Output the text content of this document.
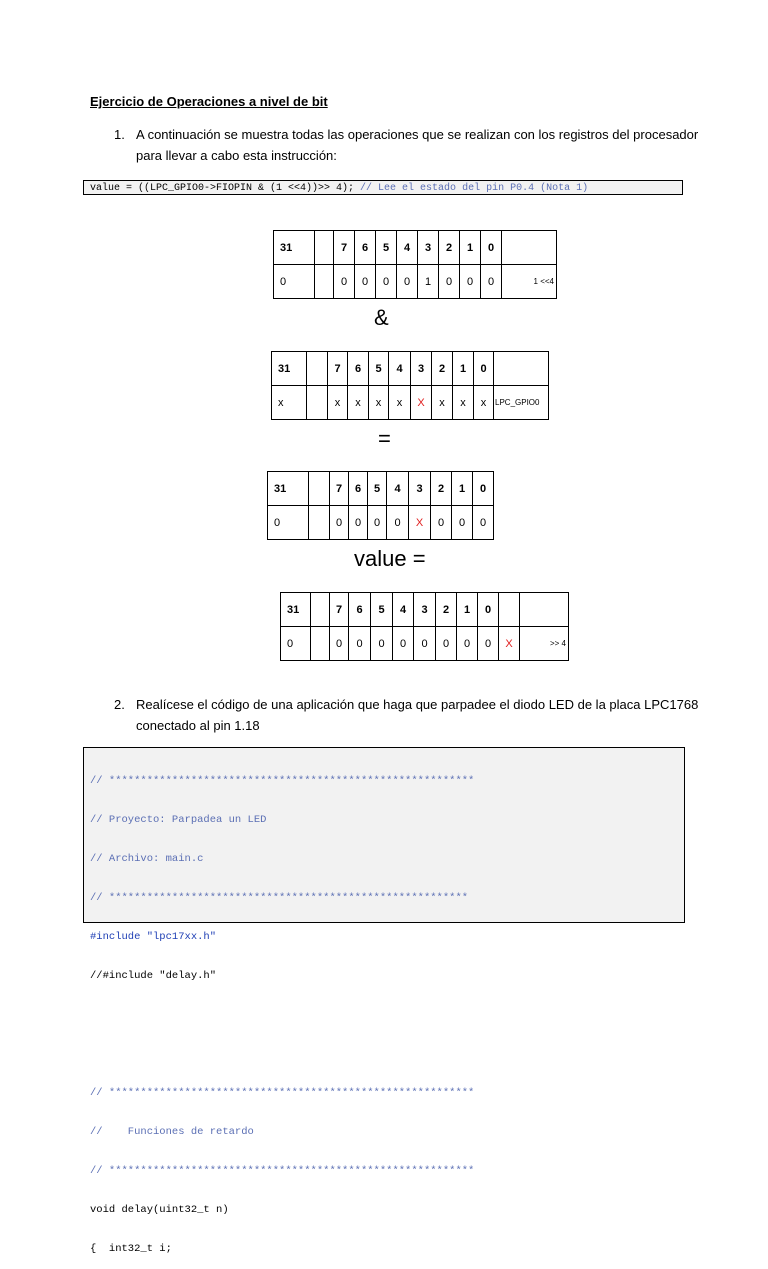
Ejercicio de Operaciones a nivel de bit
1. A continuación se muestra todas las operaciones que se realizan con los registros del procesador
para llevar a cabo esta instrucción:
value = ((LPC_GPIO0->FIOPIN & (1 <<4))>> 4); // Lee el estado del pin P0.4 (Nota 1)
31		7	6	5	4	3	2	1	0	
0		0	0	0	0	1	0	0	0	1 <<4
&
31		7	6	5	4	3	2	1	0	
x		x	x	x	x	X	x	x	x	LPC_GPIO0
=
31		7	6	5	4	3	2	1	0
0		0	0	0	0	X	0	0	0
value =
31		7	6	5	4	3	2	1	0		
0		0	0	0	0	0	0	0	0	X	>> 4
2. Realícese el código de una aplicación que haga que parpadee el diodo LED de la placa LPC1768
conectado al pin 1.18

// **********************************************************

// Proyecto: Parpadea un LED

// Archivo: main.c

// *********************************************************

#include "lpc17xx.h"

//#include "delay.h"

// **********************************************************

//    Funciones de retardo

// **********************************************************

void delay(uint32_t n)

{  int32_t i;
